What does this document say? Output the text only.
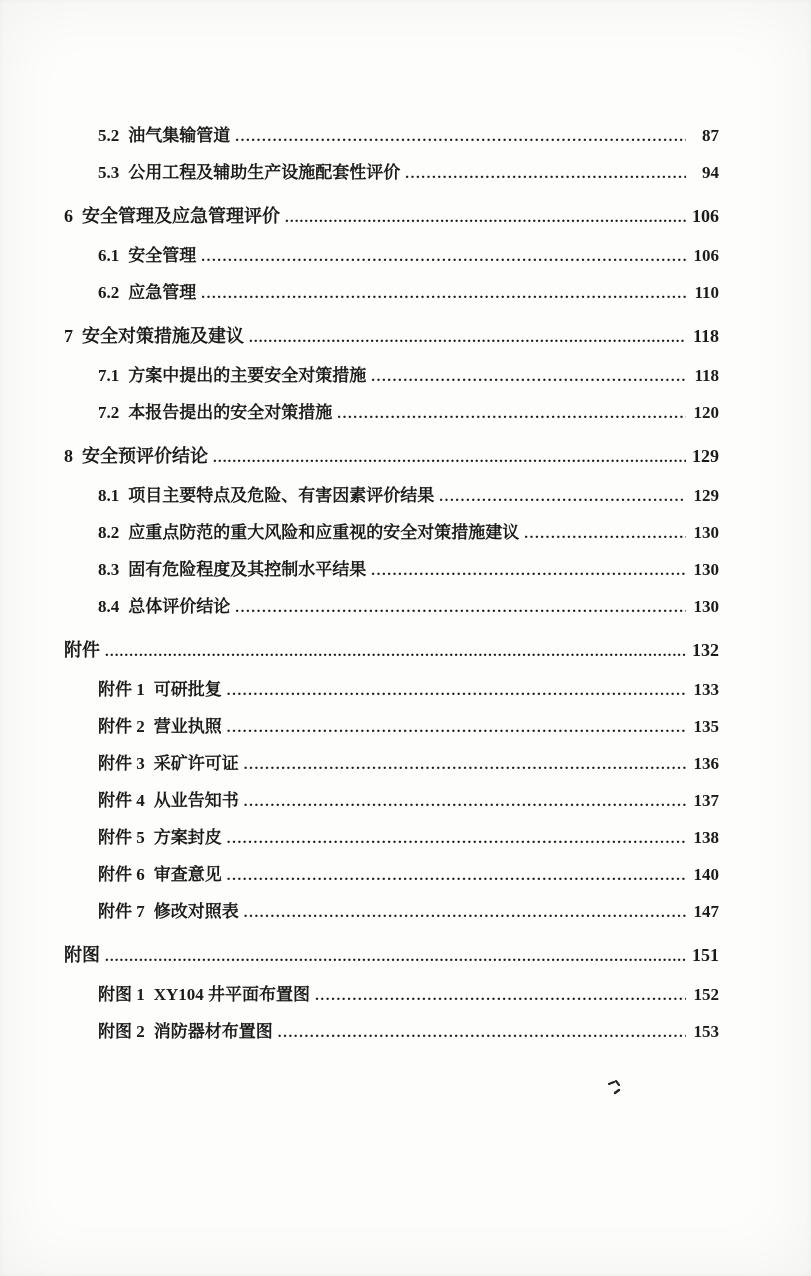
5.2 油气集输管道 .....	87
5.3 公用工程及辅助生产设施配套性评价 .....	94
6 安全管理及应急管理评价 .....	106
6.1 安全管理 .....	106
6.2 应急管理 .....	110
7 安全对策措施及建议 .....	118
7.1 方案中提出的主要安全对策措施 .....	118
7.2 本报告提出的安全对策措施 .....	120
8 安全预评价结论 .....	129
8.1 项目主要特点及危险、有害因素评价结果 .....	129
8.2 应重点防范的重大风险和应重视的安全对策措施建议 .....	130
8.3 固有危险程度及其控制水平结果 .....	130
8.4 总体评价结论 .....	130
附件 .....	132
附件 1 可研批复 .....	133
附件 2 营业执照 .....	135
附件 3 采矿许可证 .....	136
附件 4 从业告知书 .....	137
附件 5 方案封皮 .....	138
附件 6 审查意见 .....	140
附件 7 修改对照表 .....	147
附图 .....	151
附图 1 XY104 井平面布置图 .....	152
附图 2 消防器材布置图 .....	153
